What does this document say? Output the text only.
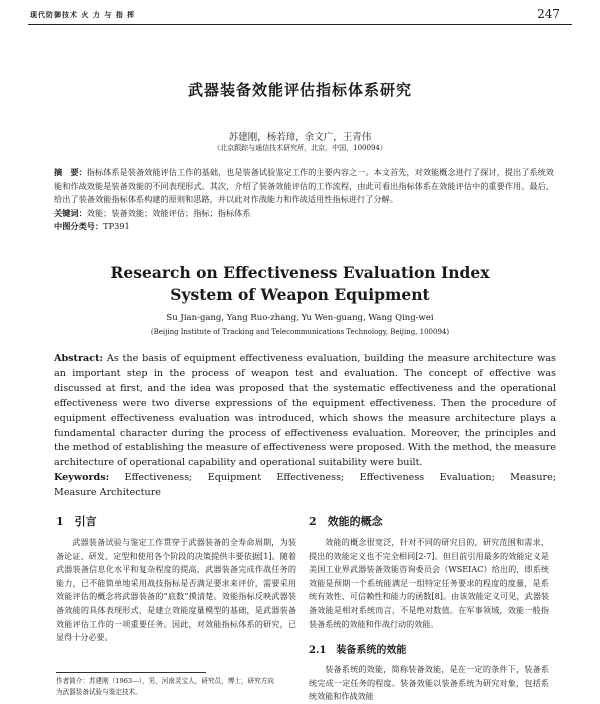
现代防御技术 火 力 与 指 挥	247
武器装备效能评估指标体系研究
苏建刚，杨若璋，余文广，王青伟
（北京跟踪与通信技术研究所，北京，中国，100094）
摘　要：指标体系是装备效能评估工作的基础，也是装备试验鉴定工作的主要内容之一。本文首先，对效能概念进行了探讨，提出了系统效能和作战效能是装备效能的不同表现形式。其次，介绍了装备效能评估的工作流程，由此可看出指标体系在效能评估中的重要作用。最后，给出了装备效能指标体系构建的原则和思路，并以此对作战能力和作战适用性指标进行了分解。
关键词：效能；装备效能；效能评估；指标；指标体系
中图分类号：TP391
Research on Effectiveness Evaluation Index
System of Weapon Equipment
Su Jian-gang, Yang Ruo-zhang, Yu Wen-guang, Wang Qing-wei
(Beijing Institute of Tracking and Telecommunications Technology, Beijing, 100094)
Abstract: As the basis of equipment effectiveness evaluation, building the measure architecture was an important step in the process of weapon test and evaluation. The concept of effective was discussed at first, and the idea was proposed that the systematic effectiveness and the operational effectiveness were two diverse expressions of the equipment effectiveness. Then the procedure of equipment effectiveness evaluation was introduced, which shows the measure architecture plays a fundamental character during the process of effectiveness evaluation. Moreover, the principles and the method of establishing the measure of effectiveness were proposed. With the method, the measure architecture of operational capability and operational suitability were built.
Keywords: Effectiveness; Equipment Effectiveness; Effectiveness Evaluation; Measure;
Measure Architecture
1　引言

武器装备试验与鉴定工作贯穿于武器装备的全寿命周期，为装备论证、研发、定型和使用各个阶段的决策提供丰要依据[1]。随着武器装备信息化水平和复杂程度的提高，武器装备完成作战任务的能力，已不能简单地采用战技指标是否满足要求来评价，需要采用效能评估的概念将武器装备的“底数”摸清楚。效能指标反映武器装备效能的具体表现形式，是建立效能度量模型的基础，是武器装备效能评估工作的一项重要任务。因此，对效能指标体系的研究，已显得十分必要。

作者简介：苏建刚（1963—），男，河南灵宝人，研究员，博士，研究方向
为武器装备试验与鉴定技术。
2　效能的概念

效能的概念很宽泛，针对不同的研究目的，研究范围和需求，提出的效能定义也不完全相同[2-7]。但目前引用最多的效能定义是美国工业界武器装备效能咨询委员会（WSEIAC）给出的，即系统效能是预期一个系统能满足一组特定任务要求的程度的度量，是系统有效性、可信赖性和能力的函数[8]。由该效能定义可见，武器装备效能是相对系统而言，不是绝对数值。在军事领域，效能一般指装备系统的效能和作战行动的效能。

2.1　装备系统的效能

装备系统的效能，简称装备效能，是在一定的条件下，装备系统完成一定任务的程度。装备效能以装备系统为研究对象，包括系统效能和作战效能
